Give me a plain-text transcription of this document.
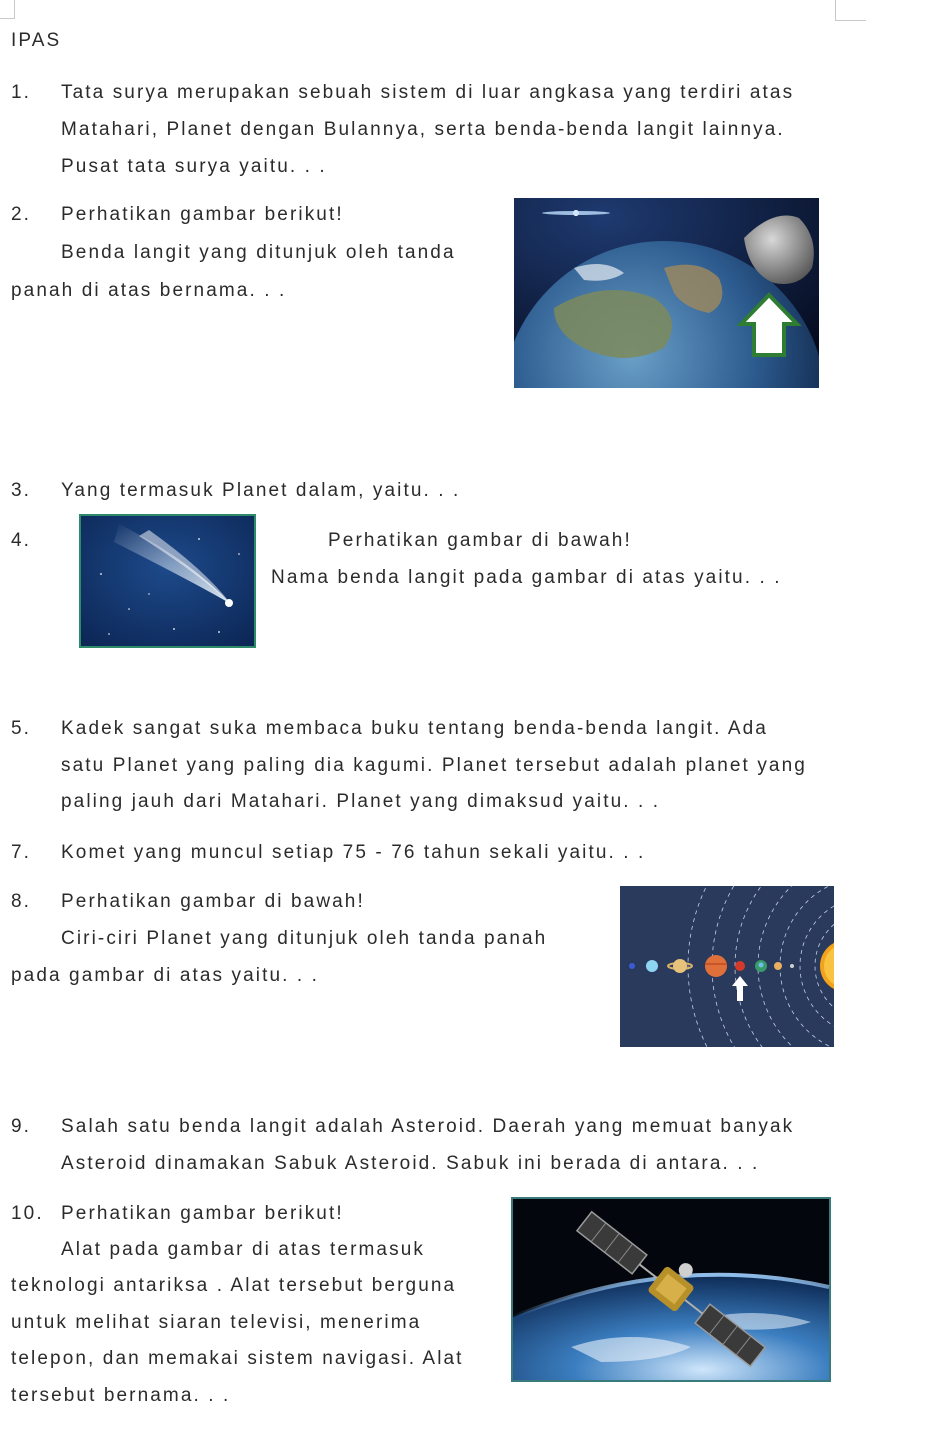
IPAS
1. Tata surya merupakan sebuah sistem di luar angkasa yang terdiri atas
Matahari, Planet dengan Bulannya, serta benda-benda langit lainnya.
Pusat tata surya yaitu. . .
2. Perhatikan gambar berikut!
Benda langit yang ditunjuk oleh tanda
panah di atas bernama. . .
3. Yang termasuk Planet dalam, yaitu. . .
4.	Perhatikan gambar di bawah!
Nama benda langit pada gambar di atas yaitu. . .
5. Kadek sangat suka membaca buku tentang benda-benda langit. Ada
satu Planet yang paling dia kagumi. Planet tersebut adalah planet yang
paling jauh dari Matahari. Planet yang dimaksud yaitu. . .
7. Komet yang muncul setiap 75 - 76 tahun sekali yaitu. . .
8. Perhatikan gambar di bawah!
Ciri-ciri Planet yang ditunjuk oleh tanda panah
pada gambar di atas yaitu. . .
9. Salah satu benda langit adalah Asteroid. Daerah yang memuat banyak
Asteroid dinamakan Sabuk Asteroid. Sabuk ini berada di antara. . .
10. Perhatikan gambar berikut!
Alat pada gambar di atas termasuk
teknologi antariksa . Alat tersebut berguna
untuk melihat siaran televisi, menerima
telepon, dan memakai sistem navigasi. Alat
tersebut bernama. . .
